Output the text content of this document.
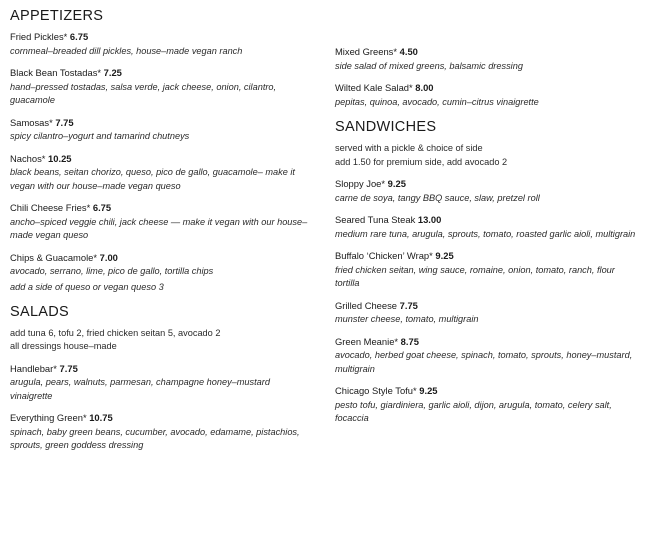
APPETIZERS
Fried Pickles* 6.75
cornmeal–breaded dill pickles, house–made vegan ranch
Black Bean Tostadas* 7.25
hand–pressed tostadas, salsa verde, jack cheese, onion, cilantro, guacamole
Samosas* 7.75
spicy cilantro–yogurt and tamarind chutneys
Nachos* 10.25
black beans, seitan chorizo, queso, pico de gallo, guacamole– make it vegan with our house–made vegan queso
Chili Cheese Fries* 6.75
ancho–spiced veggie chili, jack cheese — make it vegan with our house–made vegan queso
Chips & Guacamole* 7.00
avocado, serrano, lime, pico de gallo, tortilla chips
add a side of queso or vegan queso 3
SALADS
add tuna 6, tofu 2, fried chicken seitan 5, avocado 2
all dressings house–made
Handlebar* 7.75
arugula, pears, walnuts, parmesan, champagne honey–mustard vinaigrette
Everything Green* 10.75
spinach, baby green beans, cucumber, avocado, edamame, pistachios, sprouts, green goddess dressing
Mixed Greens* 4.50
side salad of mixed greens, balsamic dressing
Wilted Kale Salad* 8.00
pepitas, quinoa, avocado, cumin–citrus vinaigrette
SANDWICHES
served with a pickle & choice of side
add 1.50 for premium side, add avocado 2
Sloppy Joe* 9.25
carne de soya, tangy BBQ sauce, slaw, pretzel roll
Seared Tuna Steak 13.00
medium rare tuna, arugula, sprouts, tomato, roasted garlic aioli, multigrain
Buffalo ‘Chicken’ Wrap* 9.25
fried chicken seitan, wing sauce, romaine, onion, tomato, ranch, flour tortilla
Grilled Cheese 7.75
munster cheese, tomato, multigrain
Green Meanie* 8.75
avocado, herbed goat cheese, spinach, tomato, sprouts, honey–mustard, multigrain
Chicago Style Tofu* 9.25
pesto tofu, giardiniera, garlic aioli, dijon, arugula, tomato, celery salt, focaccia
